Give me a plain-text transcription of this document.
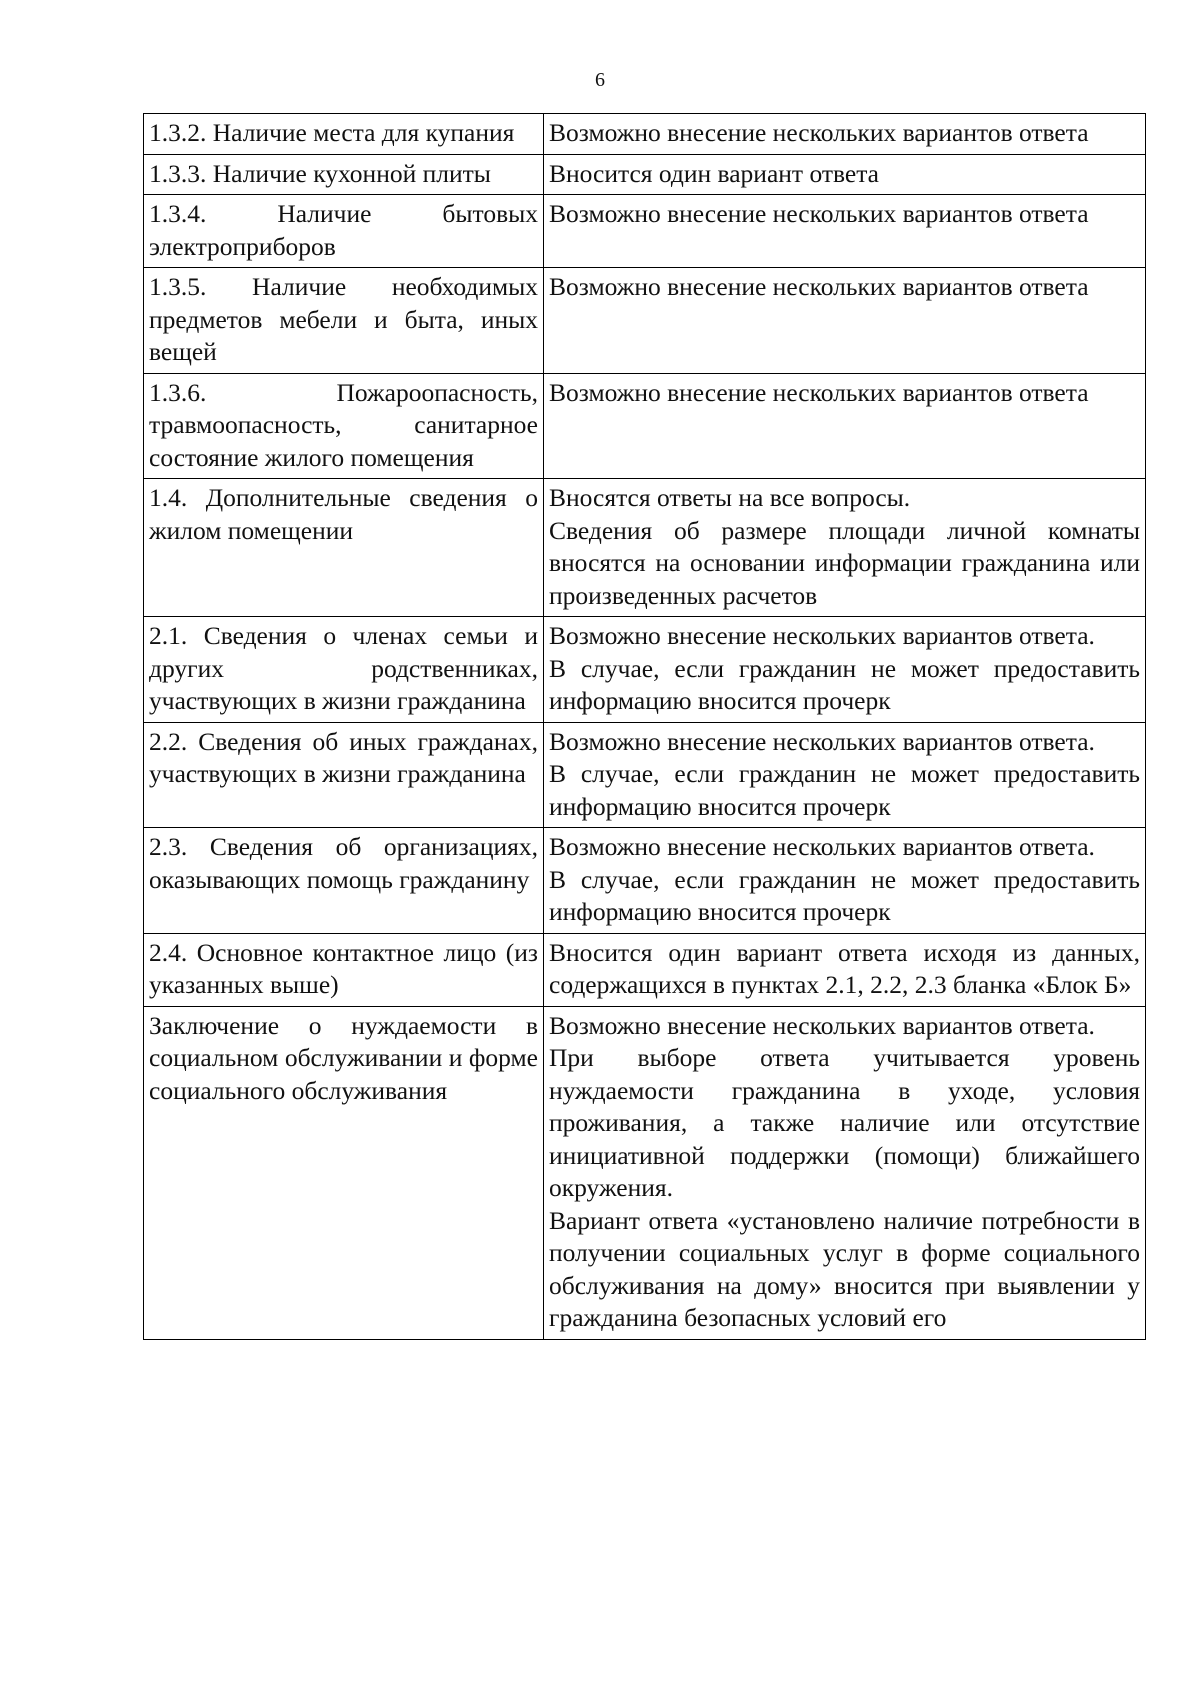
6
1.3.2. Наличие места для купания	Возможно внесение нескольких вариантов ответа

1.3.3. Наличие кухонной плиты	Вносится один вариант ответа

1.3.4. Наличие бытовых электроприборов	Возможно внесение нескольких вариантов ответа

1.3.5. Наличие необходимых предметов мебели и быта, иных вещей	Возможно внесение нескольких вариантов ответа

1.3.6. Пожароопасность, травмоопасность, санитарное состояние жилого помещения	Возможно внесение нескольких вариантов ответа

1.4. Дополнительные сведения о жилом помещении	Вносятся ответы на все вопросы.
Сведения об размере площади личной комнаты вносятся на основании информации гражданина или произведенных расчетов

2.1. Сведения о членах семьи и других родственниках, участвующих в жизни гражданина	Возможно внесение нескольких вариантов ответа.
В случае, если гражданин не может предоставить информацию вносится прочерк

2.2. Сведения об иных гражданах, участвующих в жизни гражданина	Возможно внесение нескольких вариантов ответа.
В случае, если гражданин не может предоставить информацию вносится прочерк

2.3. Сведения об организациях, оказывающих помощь гражданину	Возможно внесение нескольких вариантов ответа.
В случае, если гражданин не может предоставить информацию вносится прочерк

2.4. Основное контактное лицо (из указанных выше)	Вносится один вариант ответа исходя из данных, содержащихся в пунктах 2.1, 2.2, 2.3 бланка «Блок Б»

Заключение о нуждаемости в социальном обслуживании и форме социального обслуживания	Возможно внесение нескольких вариантов ответа.
При выборе ответа учитывается уровень нуждаемости гражданина в уходе, условия проживания, а также наличие или отсутствие инициативной поддержки (помощи) ближайшего окружения.
Вариант ответа «установлено наличие потребности в получении социальных услуг в форме социального обслуживания на дому» вносится при выявлении у гражданина безопасных условий его
